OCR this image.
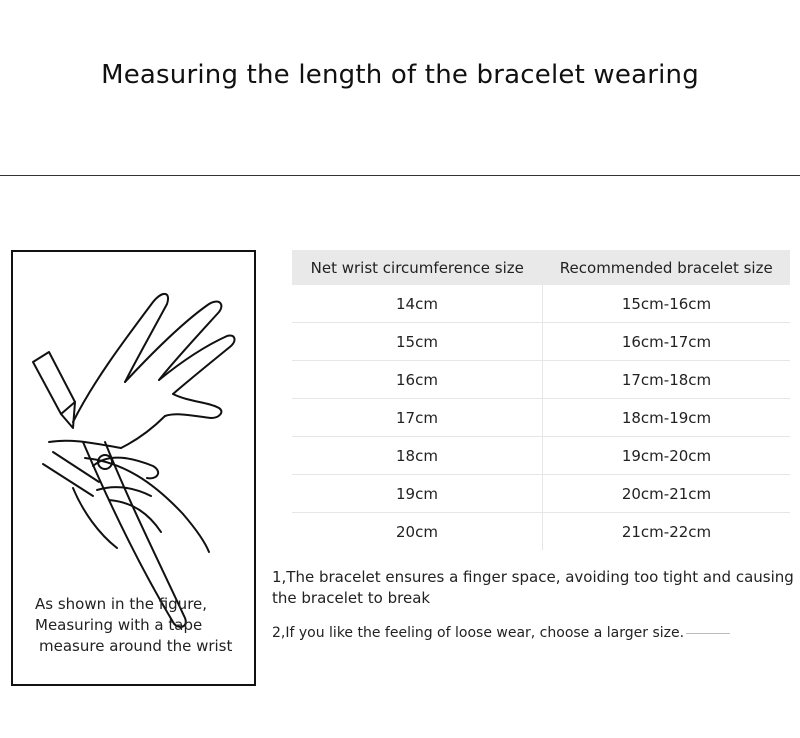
Measuring the length of the bracelet wearing
As shown in the figure,
Measuring with a tape
measure around the wrist
Net wrist circumference size	Recommended bracelet size
14cm	15cm-16cm
15cm	16cm-17cm
16cm	17cm-18cm
17cm	18cm-19cm
18cm	19cm-20cm
19cm	20cm-21cm
20cm	21cm-22cm
1,The bracelet ensures a finger space, avoiding too tight and causing the bracelet to break
2,If you like the feeling of loose wear, choose a larger size.
